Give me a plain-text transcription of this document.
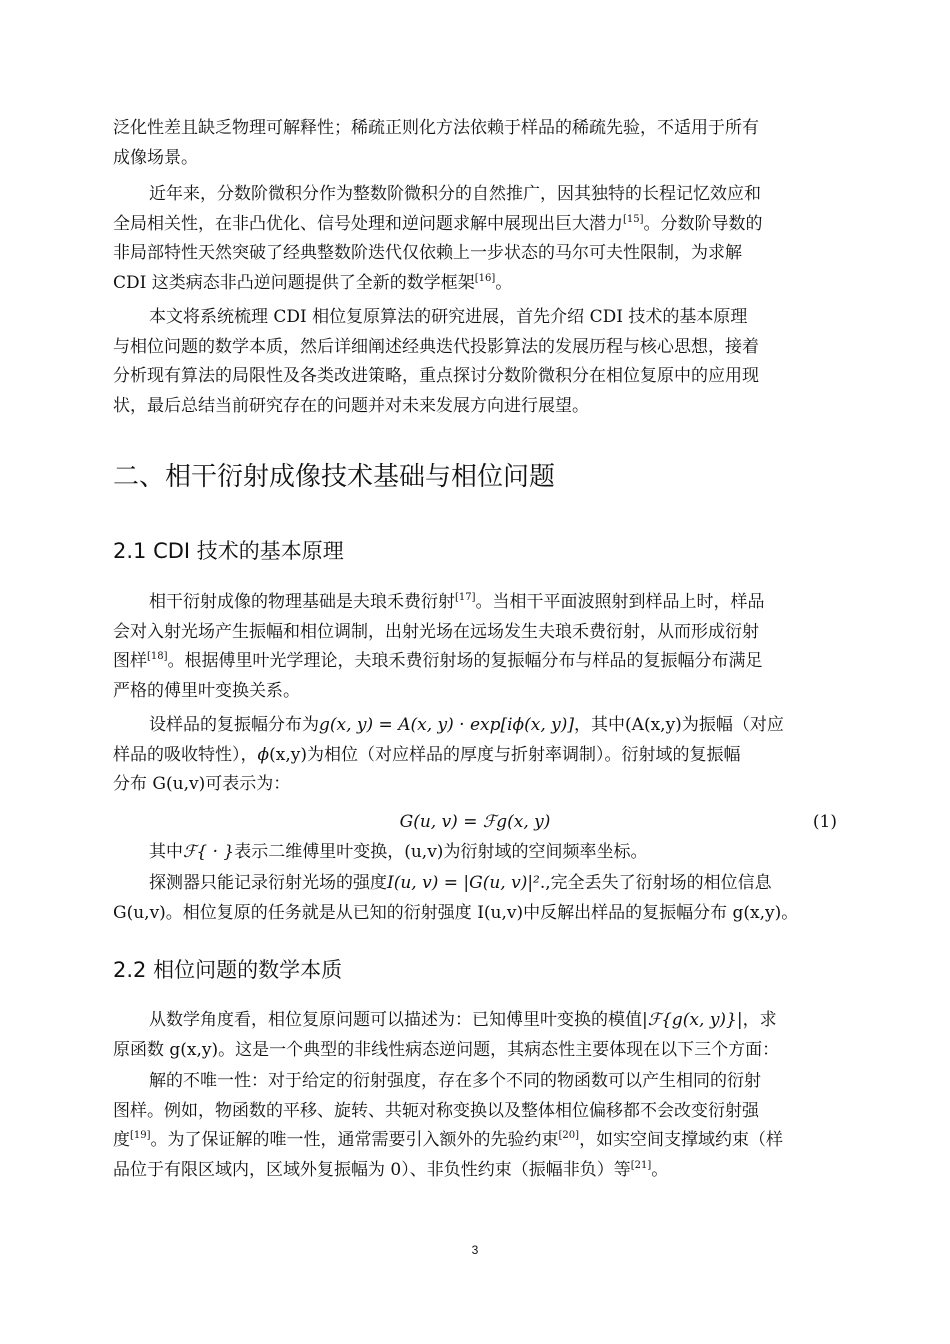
泛化性差且缺乏物理可解释性；稀疏正则化方法依赖于样品的稀疏先验，不适用于所有
成像场景。

近年来，分数阶微积分作为整数阶微积分的自然推广，因其独特的长程记忆效应和
全局相关性，在非凸优化、信号处理和逆问题求解中展现出巨大潜力[15]。分数阶导数的
非局部特性天然突破了经典整数阶迭代仅依赖上一步状态的马尔可夫性限制，为求解
CDI 这类病态非凸逆问题提供了全新的数学框架[16]。

本文将系统梳理 CDI 相位复原算法的研究进展，首先介绍 CDI 技术的基本原理
与相位问题的数学本质，然后详细阐述经典迭代投影算法的发展历程与核心思想，接着
分析现有算法的局限性及各类改进策略，重点探讨分数阶微积分在相位复原中的应用现
状，最后总结当前研究存在的问题并对未来发展方向进行展望。

二、相干衍射成像技术基础与相位问题
2.1 CDI 技术的基本原理

相干衍射成像的物理基础是夫琅禾费衍射[17]。当相干平面波照射到样品上时，样品
会对入射光场产生振幅和相位调制，出射光场在远场发生夫琅禾费衍射，从而形成衍射
图样[18]。根据傅里叶光学理论，夫琅禾费衍射场的复振幅分布与样品的复振幅分布满足
严格的傅里叶变换关系。

设样品的复振幅分布为g(x, y) = A(x, y) · exp[iϕ(x, y)]，其中(A(x,y)为振幅（对应
样品的吸收特性），ϕ(x,y)为相位（对应样品的厚度与折射率调制）。衍射域的复振幅
分布 G(u,v)可表示为：

G(u, v) = ℱg(x, y)	(1)

其中ℱ{ · }表示二维傅里叶变换，(u,v)为衍射域的空间频率坐标。

探测器只能记录衍射光场的强度I(u, v) = |G(u, v)|².,完全丢失了衍射场的相位信息
G(u,v)。相位复原的任务就是从已知的衍射强度 I(u,v)中反解出样品的复振幅分布 g(x,y)。

2.2 相位问题的数学本质

从数学角度看，相位复原问题可以描述为：已知傅里叶变换的模值|ℱ{g(x, y)}|，求
原函数 g(x,y)。这是一个典型的非线性病态逆问题，其病态性主要体现在以下三个方面：

解的不唯一性：对于给定的衍射强度，存在多个不同的物函数可以产生相同的衍射
图样。例如，物函数的平移、旋转、共轭对称变换以及整体相位偏移都不会改变衍射强
度[19]。为了保证解的唯一性，通常需要引入额外的先验约束[20]，如实空间支撑域约束（样
品位于有限区域内，区域外复振幅为 0）、非负性约束（振幅非负）等[21]。

3
